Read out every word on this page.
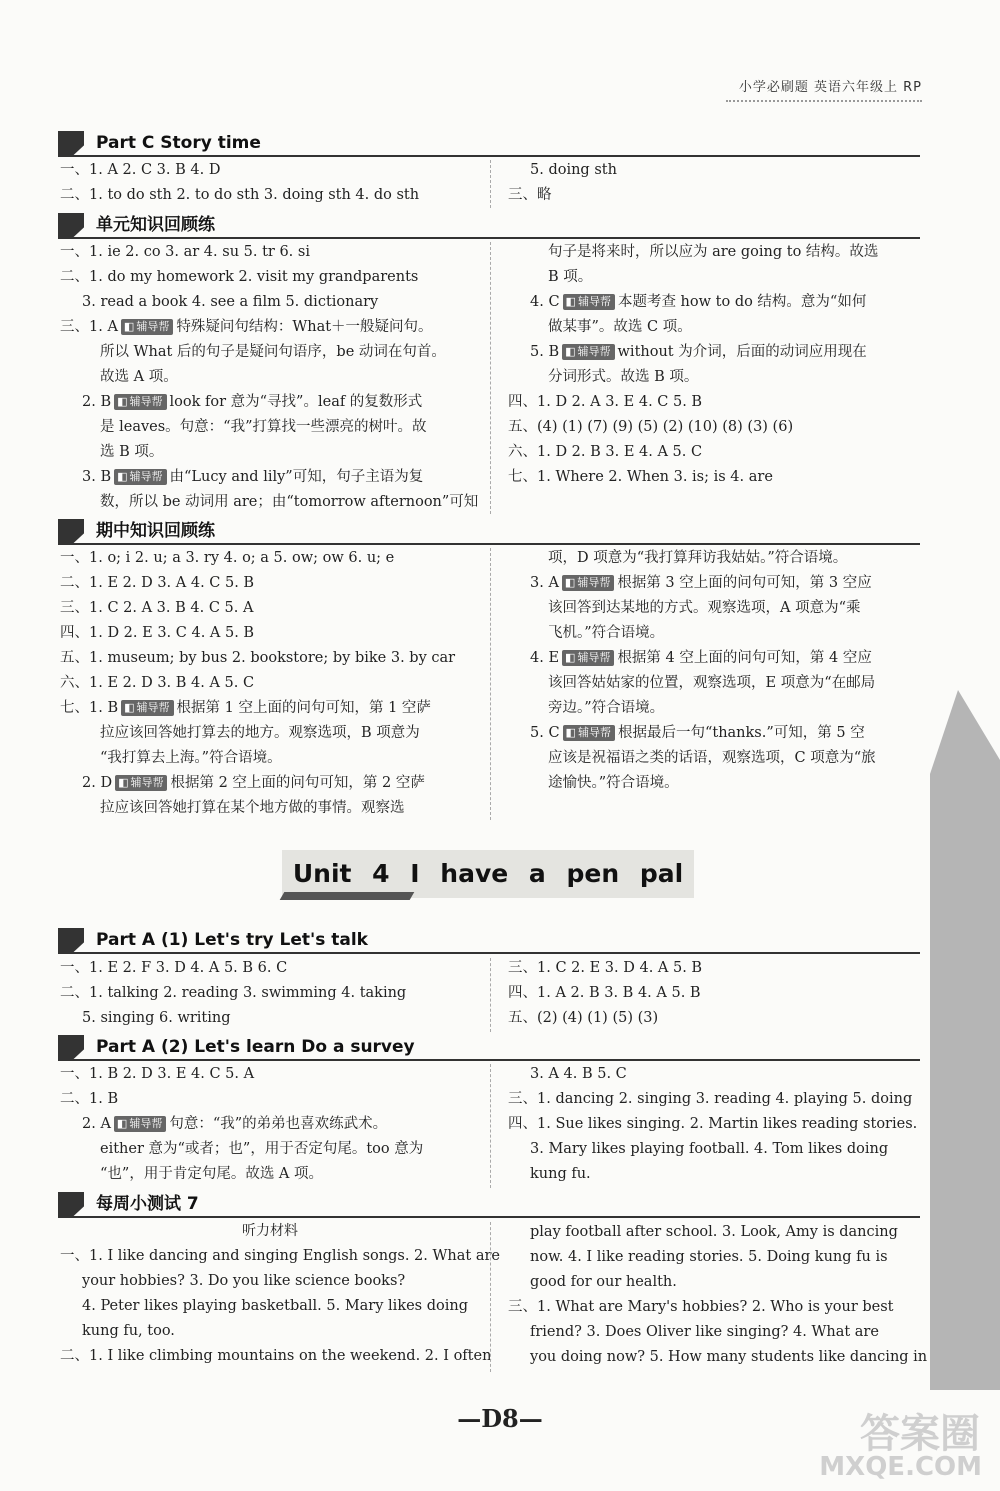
小学必刷题 英语六年级上 RP
Part C Story time
一、1. A 2. C 3. B 4. D
二、1. to do sth 2. to do sth 3. doing sth 4. do sth
5. doing sth
三、略
单元知识回顾练
一、1. ie 2. co 3. ar 4. su 5. tr 6. si
二、1. do my homework 2. visit my grandparents
3. read a book 4. see a film 5. dictionary
三、1. A ◧ 辅导帮 特殊疑问句结构：What＋一般疑问句。
所以 What 后的句子是疑问句语序，be 动词在句首。
故选 A 项。
2. B ◧ 辅导帮 look for 意为“寻找”。leaf 的复数形式
是 leaves。句意：“我”打算找一些漂亮的树叶。故
选 B 项。
3. B ◧ 辅导帮 由“Lucy and lily”可知，句子主语为复
数，所以 be 动词用 are；由“tomorrow afternoon”可知
句子是将来时，所以应为 are going to 结构。故选
B 项。
4. C ◧ 辅导帮 本题考查 how to do 结构。意为“如何
做某事”。故选 C 项。
5. B ◧ 辅导帮 without 为介词，后面的动词应用现在
分词形式。故选 B 项。
四、1. D 2. A 3. E 4. C 5. B
五、(4) (1) (7) (9) (5) (2) (10) (8) (3) (6)
六、1. D 2. B 3. E 4. A 5. C
七、1. Where 2. When 3. is; is 4. are
期中知识回顾练
一、1. o; i 2. u; a 3. ry 4. o; a 5. ow; ow 6. u; e
二、1. E 2. D 3. A 4. C 5. B
三、1. C 2. A 3. B 4. C 5. A
四、1. D 2. E 3. C 4. A 5. B
五、1. museum; by bus 2. bookstore; by bike 3. by car
六、1. E 2. D 3. B 4. A 5. C
七、1. B ◧ 辅导帮 根据第 1 空上面的问句可知，第 1 空萨
拉应该回答她打算去的地方。观察选项，B 项意为
“我打算去上海。”符合语境。
2. D ◧ 辅导帮 根据第 2 空上面的问句可知，第 2 空萨
拉应该回答她打算在某个地方做的事情。观察选
项，D 项意为“我打算拜访我姑姑。”符合语境。
3. A ◧ 辅导帮 根据第 3 空上面的问句可知，第 3 空应
该回答到达某地的方式。观察选项，A 项意为“乘
飞机。”符合语境。
4. E ◧ 辅导帮 根据第 4 空上面的问句可知，第 4 空应
该回答姑姑家的位置，观察选项，E 项意为“在邮局
旁边。”符合语境。
5. C ◧ 辅导帮 根据最后一句“thanks.”可知，第 5 空
应该是祝福语之类的话语，观察选项，C 项意为“旅
途愉快。”符合语境。
Unit 4 I have a pen pal
Part A (1) Let's try Let's talk
一、1. E 2. F 3. D 4. A 5. B 6. C
二、1. talking 2. reading 3. swimming 4. taking
5. singing 6. writing
三、1. C 2. E 3. D 4. A 5. B
四、1. A 2. B 3. B 4. A 5. B
五、(2) (4) (1) (5) (3)
Part A (2) Let's learn Do a survey
一、1. B 2. D 3. E 4. C 5. A
二、1. B
2. A ◧ 辅导帮 句意：“我”的弟弟也喜欢练武术。
either 意为“或者；也”，用于否定句尾。too 意为
“也”，用于肯定句尾。故选 A 项。
3. A 4. B 5. C
三、1. dancing 2. singing 3. reading 4. playing 5. doing
四、1. Sue likes singing. 2. Martin likes reading stories.
3. Mary likes playing football. 4. Tom likes doing
kung fu.
每周小测试 7
听力材料
一、1. I like dancing and singing English songs. 2. What are
your hobbies? 3. Do you like science books?
4. Peter likes playing basketball. 5. Mary likes doing
kung fu, too.
二、1. I like climbing mountains on the weekend. 2. I often
play football after school. 3. Look, Amy is dancing
now. 4. I like reading stories. 5. Doing kung fu is
good for our health.
三、1. What are Mary's hobbies? 2. Who is your best
friend? 3. Does Oliver like singing? 4. What are
you doing now? 5. How many students like dancing in
—D8—	答案圈
MXQE.COM
